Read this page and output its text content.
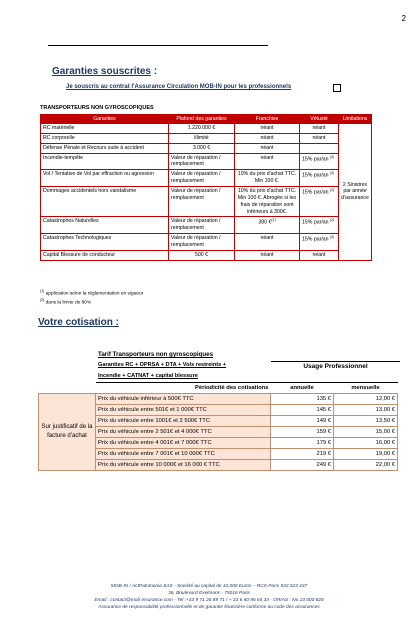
2
Garanties souscrites :
Je souscris au contrat l'Assurance Circulation MOB-IN pour les professionnels
TRANSPORTEURS NON GYROSCOPIQUES
Garanties	Plafond des garanties	Franchise	Vétusté	Limitations
RC matérielle	1.220.000 €	néant	néant	2 Sinistres par année d'assurance
RC corporelle	illimité	néant	néant	
Défense Pénale et Recours suite à accident	3.000 €	néant		
Incendie-tempête	Valeur de réparation / remplacement	néant	15% par/an $^{(2)}$
Vol / Tentative de Vol par effraction ou agression	Valeur de réparation / remplacement	10% du prix d'achat TTC. Min 100 €.	15% par/an $^{(2)}$
Dommages accidentels hors vandalisme	Valeur de réparation / remplacement	10% du prix d'achat TTC. Min 100 €. Abrogée si les frais de réparation sont inférieurs à 300€.	15% par/an $^{(2)}$
Catastrophes Naturelles	Valeur de réparation / remplacement	380 €$^{(1)}$	15% par/an $^{(2)}$
Catastrophes Technologiques	Valeur de réparation / remplacement	néant	15% par/an $^{(2)}$
Capital Blessure de conducteur	500 €	néant	néant	
$^{(1)}$ application selon la réglementation en vigueur
$^{(2)}$ dans la limite de 80%
Votre cotisation :
Tarif Transporteurs non gyroscopiques
Garanties RC + DPRSA + DTA + Vols restreints +
Incendie + CATNAT + capital blessure
Usage Professionnel
	Périodicité des cotisations	annuelle	mensuelle
Sur justificatif de la facture d'achat	Prix du véhicule inférieur à 500€ TTC	135 €	12,00 €
	Prix du véhicule entre 501€ et 1 000€ TTC	145 €	13,00 €
	Prix du véhicule entre 1001€ et 2 500€ TTC	149 €	13,50 €
	Prix du véhicule entre 2 501€ et 4 000€ TTC	159 €	15,00 €
	Prix du véhicule entre 4 001€ et 7 000€ TTC	179 €	16,00 €
	Prix du véhicule entre 7 001€ et 10 000€ TTC	219 €	19,00 €
	Prix du véhicule entre 10 000€ et 16 000 € TTC	249 €	22,00 €
MOB-IN / ActPatrimonia SAS - Société au capital de 10.000 Euros – RCS Paris 533 523 437
36, Boulevard Exelmans - 75016 Paris
Email : contact@mob-insurance.com - Tel :+33 9 71 26 89 71 / + 33 6 60 96 64 34 - ORIAS : No 13 000 828
Assurance de responsabilité professionnelle et de garantie financière conforme au code des assurances
